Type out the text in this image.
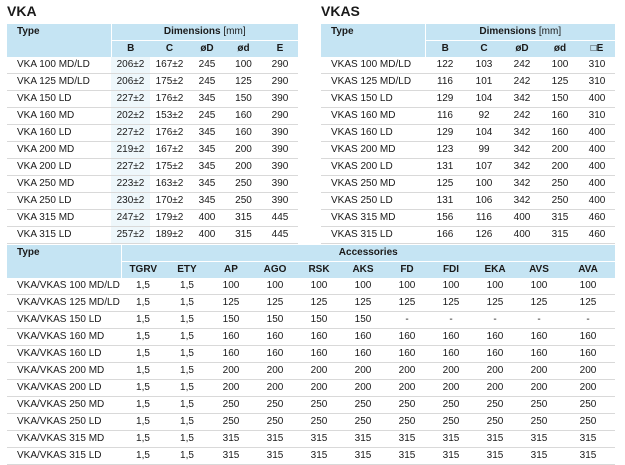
VKA
Type	Dimensions [mm]				
	B	C	øD	ød	E
VKA 100 MD/LD	206±2	167±2	245	100	290
VKA 125 MD/LD	206±2	175±2	245	125	290
VKA 150 LD	227±2	176±2	345	150	390
VKA 160 MD	202±2	153±2	245	160	290
VKA 160 LD	227±2	176±2	345	160	390
VKA 200 MD	219±2	167±2	345	200	390
VKA 200 LD	227±2	175±2	345	200	390
VKA 250 MD	223±2	163±2	345	250	390
VKA 250 LD	230±2	170±2	345	250	390
VKA 315 MD	247±2	179±2	400	315	445
VKA 315 LD	257±2	189±2	400	315	445
VKAS
Type	Dimensions [mm]				
	B	C	øD	ød	□E
VKAS 100 MD/LD	122	103	242	100	310
VKAS 125 MD/LD	116	101	242	125	310
VKAS 150 LD	129	104	342	150	400
VKAS 160 MD	116	92	242	160	310
VKAS 160 LD	129	104	342	160	400
VKAS 200 MD	123	99	342	200	400
VKAS 200 LD	131	107	342	200	400
VKAS 250 MD	125	100	342	250	400
VKAS 250 LD	131	106	342	250	400
VKAS 315 MD	156	116	400	315	460
VKAS 315 LD	166	126	400	315	460
Type	Accessories										
	TGRV	ETY	AP	AGO	RSK	AKS	FD	FDI	EKA	AVS	AVA
VKA/VKAS 100 MD/LD	1,5	1,5	100	100	100	100	100	100	100	100	100
VKA/VKAS 125 MD/LD	1,5	1,5	125	125	125	125	125	125	125	125	125
VKA/VKAS 150 LD	1,5	1,5	150	150	150	150	-	-	-	-	-
VKA/VKAS 160 MD	1,5	1,5	160	160	160	160	160	160	160	160	160
VKA/VKAS 160 LD	1,5	1,5	160	160	160	160	160	160	160	160	160
VKA/VKAS 200 MD	1,5	1,5	200	200	200	200	200	200	200	200	200
VKA/VKAS 200 LD	1,5	1,5	200	200	200	200	200	200	200	200	200
VKA/VKAS 250 MD	1,5	1,5	250	250	250	250	250	250	250	250	250
VKA/VKAS 250 LD	1,5	1,5	250	250	250	250	250	250	250	250	250
VKA/VKAS 315 MD	1,5	1,5	315	315	315	315	315	315	315	315	315
VKA/VKAS 315 LD	1,5	1,5	315	315	315	315	315	315	315	315	315
